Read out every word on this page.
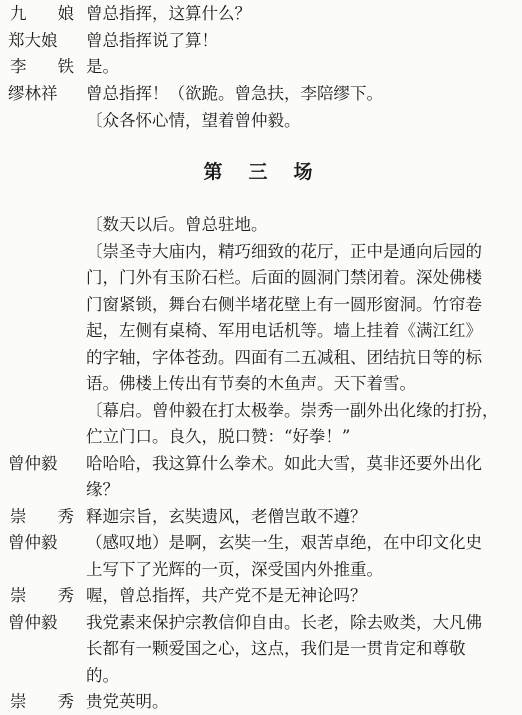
第 三 场
九 娘 曾总指挥，这算什么？
郑大娘 曾总指挥说了算！
李 铁 是。
缪林祥 曾总指挥！（欲跪。曾急扶，李陪缪下。
〔众各怀心情，望着曾仲毅。
〔数天以后。曾总驻地。
〔崇圣寺大庙内，精巧细致的花厅，正中是通向后园的
门，门外有玉阶石栏。后面的圆洞门禁闭着。深处佛楼
门窗紧锁，舞台右侧半堵花壁上有一圆形窗洞。竹帘卷
起，左侧有桌椅、军用电话机等。墙上挂着《满江红》
的字轴，字体苍劲。四面有二五减租、团结抗日等的标
语。佛楼上传出有节奏的木鱼声。天下着雪。
〔幕启。曾仲毅在打太极拳。崇秀一副外出化缘的打扮，
伫立门口。良久，脱口赞：“好拳！”
曾仲毅 哈哈哈，我这算什么拳术。如此大雪，莫非还要外出化
缘？
崇 秀 释迦宗旨，玄奘遗风，老僧岂敢不遵？
曾仲毅 （感叹地）是啊，玄奘一生，艰苦卓绝，在中印文化史
上写下了光辉的一页，深受国内外推重。
崇 秀 喔，曾总指挥，共产党不是无神论吗？
曾仲毅 我党素来保护宗教信仰自由。长老，除去败类，大凡佛
长都有一颗爱国之心，这点，我们是一贯肯定和尊敬
的。
崇 秀 贵党英明。
